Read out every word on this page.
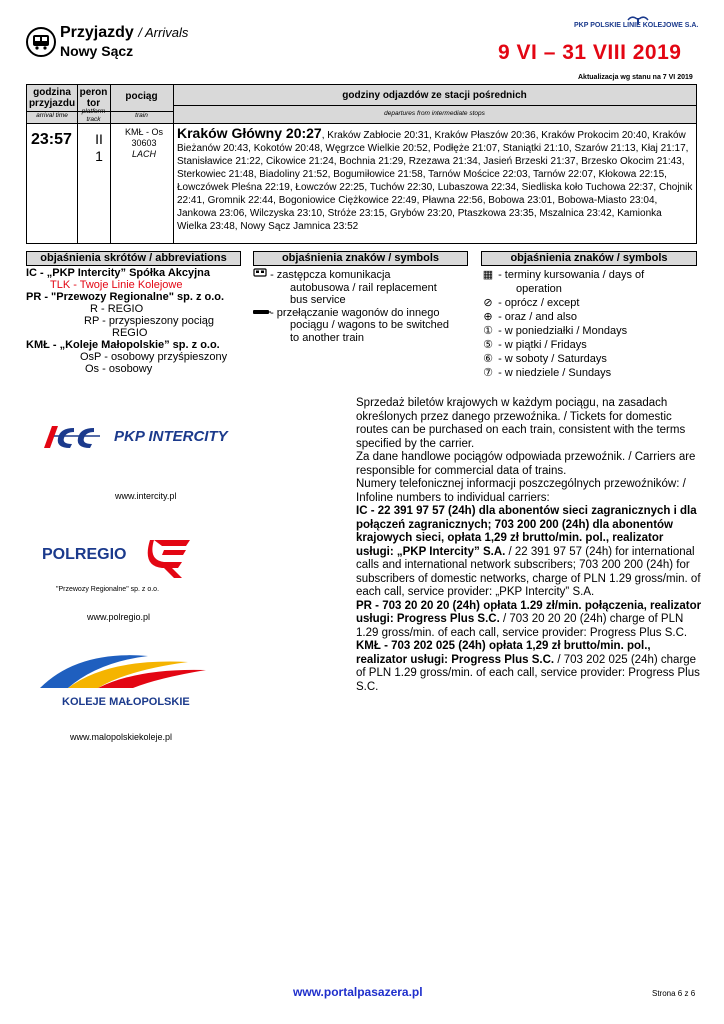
Przyjazdy / Arrivals
Nowy Sącz
PKP POLSKIE LINIE KOLEJOWE S.A.
9 VI – 31 VIII 2019
Aktualizacja wg stanu na 7 VI 2019
godzina przyjazdu
arrival time
peron tor
platform track
pociąg
train
godziny odjazdów ze stacji pośrednich
departures from intermediate stops
23:57	II
1
KMŁ - Os
30603
LACH
Kraków Główny 20:27, Kraków Zabłocie 20:31, Kraków Płaszów 20:36, Kraków Prokocim 20:40, Kraków Bieżanów 20:43, Kokotów 20:48, Węgrzce Wielkie 20:52, Podłęże 21:07, Staniątki 21:10, Szarów 21:13, Kłaj 21:17, Stanisławice 21:22, Cikowice 21:24, Bochnia 21:29, Rzezawa 21:34, Jasień Brzeski 21:37, Brzesko Okocim 21:43, Sterkowiec 21:48, Biadoliny 21:52, Bogumiłowice 21:58, Tarnów Mościce 22:03, Tarnów 22:07, Kłokowa 22:15, Łowczówek Pleśna 22:19, Łowczów 22:25, Tuchów 22:30, Lubaszowa 22:34, Siedliska koło Tuchowa 22:37, Chojnik 22:41, Gromnik 22:44, Bogoniowice Ciężkowice 22:49, Pławna 22:56, Bobowa 23:01, Bobowa-Miasto 23:04, Jankowa 23:06, Wilczyska 23:10, Stróże 23:15, Grybów 23:20, Ptaszkowa 23:35, Mszalnica 23:42, Kamionka Wielka 23:48, Nowy Sącz Jamnica 23:52
objaśnienia skrótów / abbreviations
IC - „PKP Intercity” Spółka Akcyjna
TLK - Twoje Linie Kolejowe
PR - "Przewozy Regionalne" sp. z o.o.
R - REGIO
RP - przyspieszony pociąg
REGIO
KMŁ - „Koleje Małopolskie” sp. z o.o.
OsP - osobowy przyśpieszony
Os - osobowy
objaśnienia znaków / symbols
- zastępcza komunikacja
autobusowa / rail replacement
bus service
- przełączanie wagonów do innego
pociągu / wagons to be switched
to another train
objaśnienia znaków / symbols
▦ - terminy kursowania / days of
operation
⊘ - oprócz / except
⊕ - oraz / and also
① - w poniedziałki / Mondays
⑤ - w piątki / Fridays
⑥ - w soboty / Saturdays
⑦ - w niedziele / Sundays
PKP INTERCITY
www.intercity.pl
POLREGIO
"Przewozy Regionalne" sp. z o.o.
www.polregio.pl
KOLEJE MAŁOPOLSKIE
www.malopolskiekoleje.pl
Sprzedaż biletów krajowych w każdym pociągu, na zasadach określonych przez danego przewoźnika. / Tickets for domestic routes can be purchased on each train, consistent with the terms specified by the carrier.
Za dane handlowe pociągów odpowiada przewoźnik. / Carriers are responsible for commercial data of trains.
Numery telefonicznej informacji poszczególnych przewoźników: / Infoline numbers to individual carriers:
IC - 22 391 97 57 (24h) dla abonentów sieci zagranicznych i dla połączeń zagranicznych; 703 200 200 (24h) dla abonentów krajowych sieci, opłata 1,29 zł brutto/min. pol., realizator usługi: „PKP Intercity” S.A. / 22 391 97 57 (24h) for international calls and international network subscribers; 703 200 200 (24h) for subscribers of domestic networks, charge of PLN 1.29 gross/min. of each call, service provider: „PKP Intercity” S.A.
PR - 703 20 20 20 (24h) opłata 1.29 zł/min. połączenia, realizator usługi: Progress Plus S.C. / 703 20 20 20 (24h) charge of PLN 1.29 gross/min. of each call, service provider: Progress Plus S.C.
KMŁ - 703 202 025 (24h) opłata 1,29 zł brutto/min. pol., realizator usługi: Progress Plus S.C. / 703 202 025 (24h) charge of PLN 1.29 gross/min. of each call, service provider: Progress Plus S.C.
www.portalpasazera.pl	Strona 6 z 6
